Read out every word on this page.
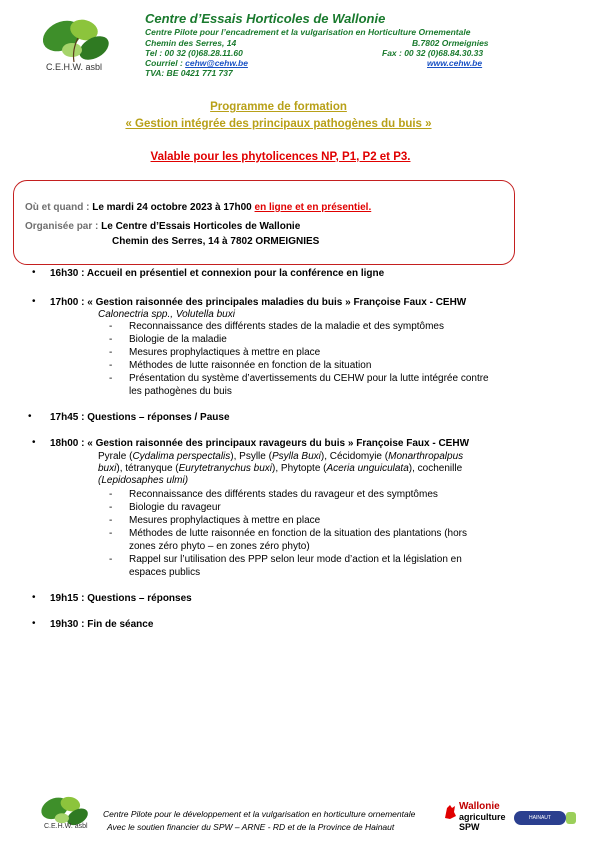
C.E.H.W. asbl
Centre d’Essais Horticoles de Wallonie
Centre Pilote pour l’encadrement et la vulgarisation en Horticulture Ornementale
Chemin des Serres, 14	B.7802 Ormeignies
Tel : 00 32 (0)68.28.11.60	Fax : 00 32 (0)68.84.30.33
Courriel : cehw@cehw.be	www.cehw.be
TVA: BE 0421 771 737
Programme de formation
« Gestion intégrée des principaux pathogènes du buis »
Valable pour les phytolicences NP, P1, P2 et P3.
Où et quand : Le mardi 24 octobre 2023 à 17h00 en ligne et en présentiel.
Organisée par : Le Centre d’Essais Horticoles de Wallonie
Chemin des Serres, 14 à 7802 ORMEIGNIES
• 16h30 : Accueil en présentiel et connexion pour la conférence en ligne
• 17h00 : « Gestion raisonnée des principales maladies du buis » Françoise Faux - CEHW
Calonectria spp., Volutella buxi
- Reconnaissance des différents stades de la maladie et des symptômes
- Biologie de la maladie
- Mesures prophylactiques à mettre en place
- Méthodes de lutte raisonnée en fonction de la situation
- Présentation du système d’avertissements du CEHW pour la lutte intégrée contre
les pathogènes du buis
• 17h45 : Questions – réponses / Pause
• 18h00 : « Gestion raisonnée des principaux ravageurs du buis » Françoise Faux - CEHW
Pyrale (Cydalima perspectalis), Psylle (Psylla Buxi), Cécidomyie (Monarthropalpus
buxi), tétranyque (Eurytetranychus buxi), Phytopte (Aceria unguiculata), cochenille
(Lepidosaphes ulmi)
- Reconnaissance des différents stades du ravageur et des symptômes
- Biologie du ravageur
- Mesures prophylactiques à mettre en place
- Méthodes de lutte raisonnée en fonction de la situation des plantations (hors
zones zéro phyto – en zones zéro phyto)
- Rappel sur l’utilisation des PPP selon leur mode d’action et la législation en
espaces publics
• 19h15 : Questions – réponses
• 19h30 : Fin de séance
C.E.H.W. asbl
Centre Pilote pour le développement et la vulgarisation en horticulture ornementale
Avec le soutien financier du SPW – ARNE - RD et de la Province de Hainaut
Wallonie
agriculture
SPW
HAINAUT
